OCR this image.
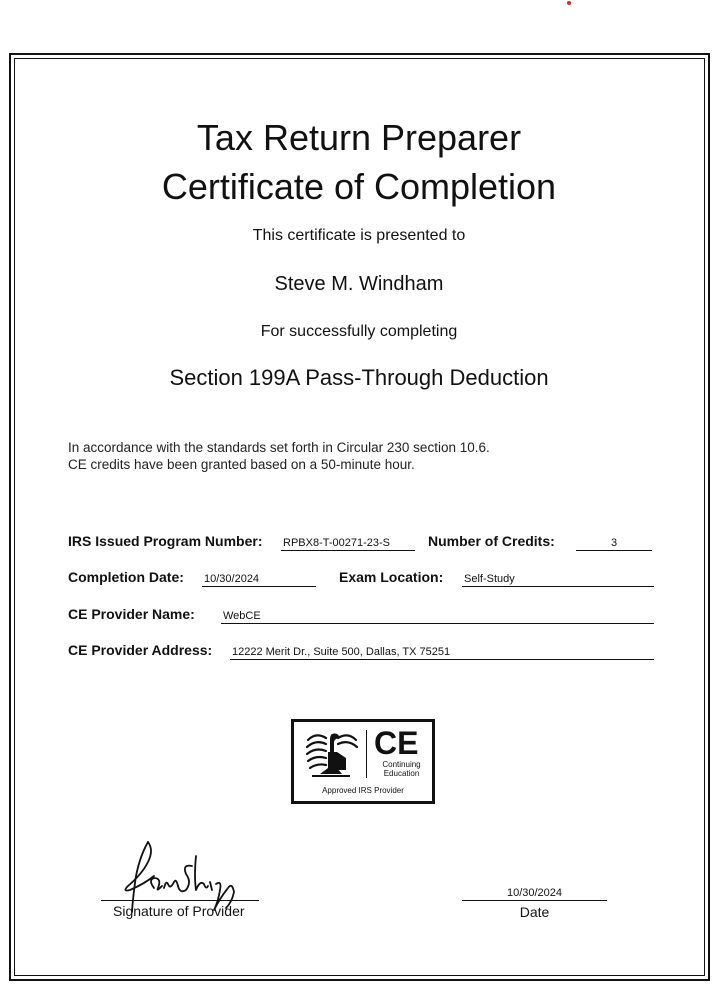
Tax Return Preparer
Certificate of Completion
This certificate is presented to
Steve M. Windham
For successfully completing
Section 199A Pass-Through Deduction
In accordance with the standards set forth in Circular 230 section 10.6.
CE credits have been granted based on a 50-minute hour.
IRS Issued Program Number: RPBX8-T-00271-23-S	Number of Credits:	3
Completion Date: 10/30/2024	Exam Location: Self-Study
CE Provider Name:	WebCE
CE Provider Address: 12222 Merit Dr., Suite 500, Dallas, TX 75251
CE
Continuing
Education
Approved IRS Provider
Signature of Provider
10/30/2024
Date
